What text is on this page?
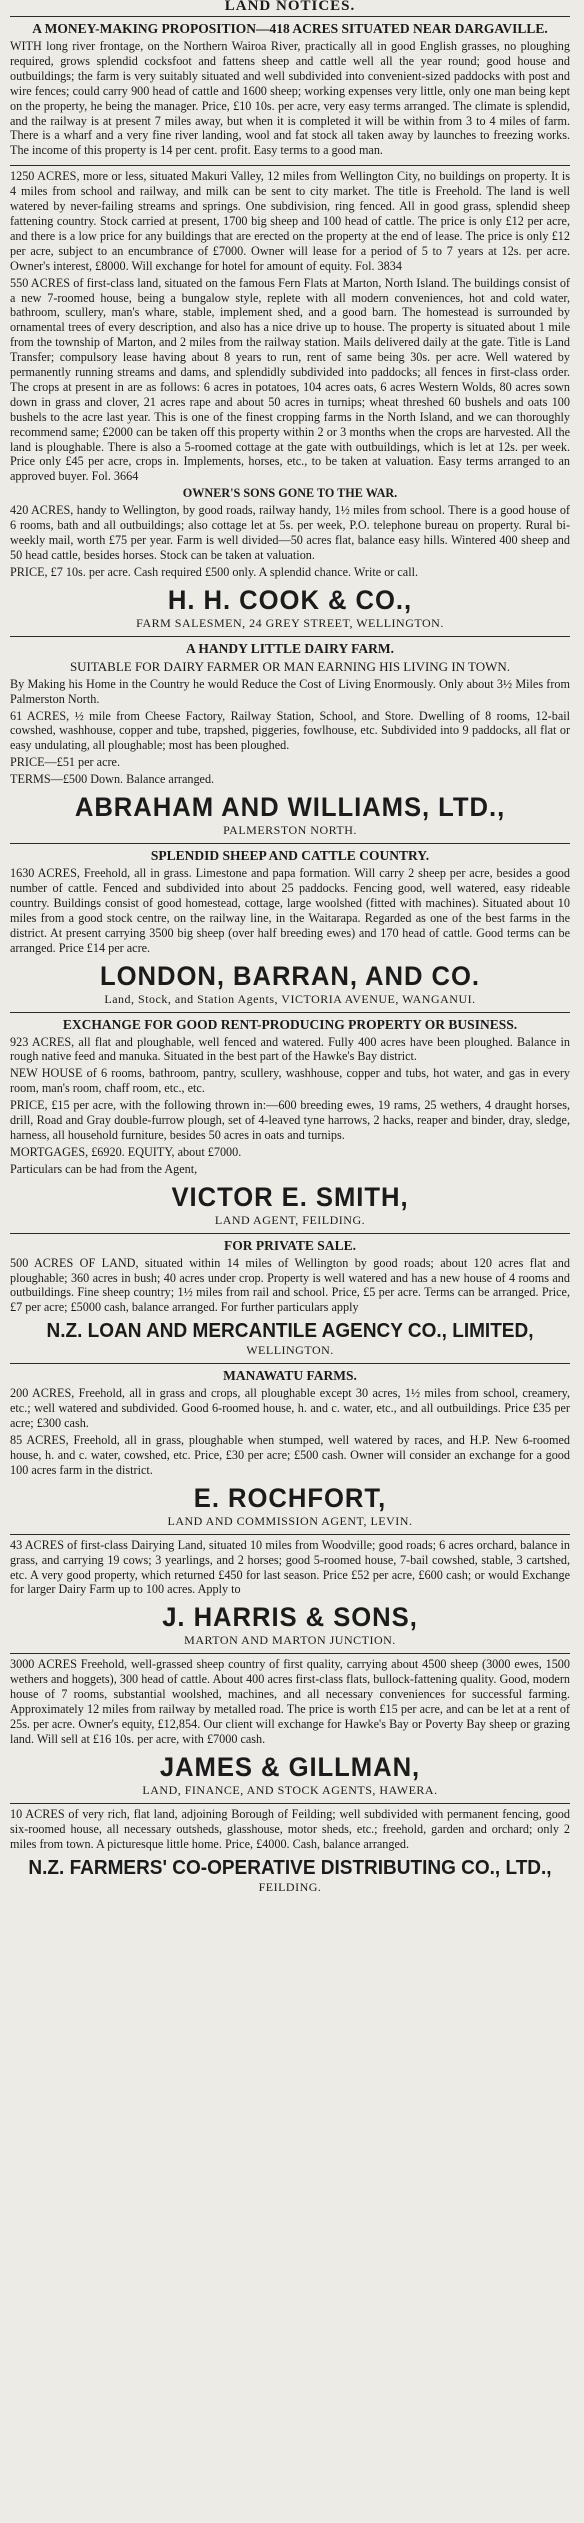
LAND NOTICES.
A MONEY-MAKING PROPOSITION—418 ACRES SITUATED NEAR DARGAVILLE.

WITH long river frontage, on the Northern Wairoa River, practically all in good English grasses, no ploughing required, grows splendid cocksfoot and fattens sheep and cattle well all the year round; good house and outbuildings; the farm is very suitably situated and well subdivided into convenient-sized paddocks with post and wire fences; could carry 900 head of cattle and 1600 sheep; working expenses very little, only one man being kept on the property, he being the manager. Price, £10 10s. per acre, very easy terms arranged. The climate is splendid, and the railway is at present 7 miles away, but when it is completed it will be within from 3 to 4 miles of farm. There is a wharf and a very fine river landing, wool and fat stock all taken away by launches to freezing works. The income of this property is 14 per cent. profit. Easy terms to a good man.

1250 ACRES, more or less, situated Makuri Valley, 12 miles from Wellington City, no buildings on property. It is 4 miles from school and railway, and milk can be sent to city market. The title is Freehold. The land is well watered by never-failing streams and springs. One subdivision, ring fenced. All in good grass, splendid sheep fattening country. Stock carried at present, 1700 big sheep and 100 head of cattle. The price is only £12 per acre, and there is a low price for any buildings that are erected on the property at the end of lease. The price is only £12 per acre, subject to an encumbrance of £7000. Owner will lease for a period of 5 to 7 years at 12s. per acre. Owner's interest, £8000. Will exchange for hotel for amount of equity. Fol. 3834

550 ACRES of first-class land, situated on the famous Fern Flats at Marton, North Island. The buildings consist of a new 7-roomed house, being a bungalow style, replete with all modern conveniences, hot and cold water, bathroom, scullery, man's whare, stable, implement shed, and a good barn. The homestead is surrounded by ornamental trees of every description, and also has a nice drive up to house. The property is situated about 1 mile from the township of Marton, and 2 miles from the railway station. Mails delivered daily at the gate. Title is Land Transfer; compulsory lease having about 8 years to run, rent of same being 30s. per acre. Well watered by permanently running streams and dams, and splendidly subdivided into paddocks; all fences in first-class order. The crops at present in are as follows: 6 acres in potatoes, 104 acres oats, 6 acres Western Wolds, 80 acres sown down in grass and clover, 21 acres rape and about 50 acres in turnips; wheat threshed 60 bushels and oats 100 bushels to the acre last year. This is one of the finest cropping farms in the North Island, and we can thoroughly recommend same; £2000 can be taken off this property within 2 or 3 months when the crops are harvested. All the land is ploughable. There is also a 5-roomed cottage at the gate with outbuildings, which is let at 12s. per week. Price only £45 per acre, crops in. Implements, horses, etc., to be taken at valuation. Easy terms arranged to an approved buyer. Fol. 3664

OWNER'S SONS GONE TO THE WAR.

420 ACRES, handy to Wellington, by good roads, railway handy, 1½ miles from school. There is a good house of 6 rooms, bath and all outbuildings; also cottage let at 5s. per week, P.O. telephone bureau on property. Rural bi-weekly mail, worth £75 per year. Farm is well divided—50 acres flat, balance easy hills. Wintered 400 sheep and 50 head cattle, besides horses. Stock can be taken at valuation.

PRICE, £7 10s. per acre. Cash required £500 only. A splendid chance. Write or call.

H. H. COOK & CO.,
FARM SALESMEN, 24 GREY STREET, WELLINGTON.
A HANDY LITTLE DAIRY FARM.
SUITABLE FOR DAIRY FARMER OR MAN EARNING HIS LIVING IN TOWN.

By Making his Home in the Country he would Reduce the Cost of Living Enormously. Only about 3½ Miles from Palmerston North.

61 ACRES, ½ mile from Cheese Factory, Railway Station, School, and Store. Dwelling of 8 rooms, 12-bail cowshed, washhouse, copper and tube, trapshed, piggeries, fowlhouse, etc. Subdivided into 9 paddocks, all flat or easy undulating, all ploughable; most has been ploughed.

PRICE—£51 per acre.

TERMS—£500 Down. Balance arranged.

ABRAHAM AND WILLIAMS, LTD.,
PALMERSTON NORTH.
SPLENDID SHEEP AND CATTLE COUNTRY.

1630 ACRES, Freehold, all in grass. Limestone and papa formation. Will carry 2 sheep per acre, besides a good number of cattle. Fenced and subdivided into about 25 paddocks. Fencing good, well watered, easy rideable country. Buildings consist of good homestead, cottage, large woolshed (fitted with machines). Situated about 10 miles from a good stock centre, on the railway line, in the Waitarapa. Regarded as one of the best farms in the district. At present carrying 3500 big sheep (over half breeding ewes) and 170 head of cattle. Good terms can be arranged. Price £14 per acre.

LONDON, BARRAN, AND CO.
Land, Stock, and Station Agents, VICTORIA AVENUE, WANGANUI.
EXCHANGE FOR GOOD RENT-PRODUCING PROPERTY OR BUSINESS.

923 ACRES, all flat and ploughable, well fenced and watered. Fully 400 acres have been ploughed. Balance in rough native feed and manuka. Situated in the best part of the Hawke's Bay district.

NEW HOUSE of 6 rooms, bathroom, pantry, scullery, washhouse, copper and tubs, hot water, and gas in every room, man's room, chaff room, etc., etc.

PRICE, £15 per acre, with the following thrown in:—600 breeding ewes, 19 rams, 25 wethers, 4 draught horses, drill, Road and Gray double-furrow plough, set of 4-leaved tyne harrows, 2 hacks, reaper and binder, dray, sledge, harness, all household furniture, besides 50 acres in oats and turnips.

MORTGAGES, £6920. EQUITY, about £7000.

Particulars can be had from the Agent,

VICTOR E. SMITH,
LAND AGENT, FEILDING.
FOR PRIVATE SALE.

500 ACRES OF LAND, situated within 14 miles of Wellington by good roads; about 120 acres flat and ploughable; 360 acres in bush; 40 acres under crop. Property is well watered and has a new house of 4 rooms and outbuildings. Fine sheep country; 1½ miles from rail and school. Price, £5 per acre. Terms can be arranged. Price, £7 per acre; £5000 cash, balance arranged. For further particulars apply

N.Z. LOAN AND MERCANTILE AGENCY CO., LIMITED,
WELLINGTON.
MANAWATU FARMS.

200 ACRES, Freehold, all in grass and crops, all ploughable except 30 acres, 1½ miles from school, creamery, etc.; well watered and subdivided. Good 6-roomed house, h. and c. water, etc., and all outbuildings. Price £35 per acre; £300 cash.

85 ACRES, Freehold, all in grass, ploughable when stumped, well watered by races, and H.P. New 6-roomed house, h. and c. water, cowshed, etc. Price, £30 per acre; £500 cash. Owner will consider an exchange for a good 100 acres farm in the district.

E. ROCHFORT,
LAND AND COMMISSION AGENT, LEVIN.

43 ACRES of first-class Dairying Land, situated 10 miles from Woodville; good roads; 6 acres orchard, balance in grass, and carrying 19 cows; 3 yearlings, and 2 horses; good 5-roomed house, 7-bail cowshed, stable, 3 cartshed, etc. A very good property, which returned £450 for last season. Price £52 per acre, £600 cash; or would Exchange for larger Dairy Farm up to 100 acres. Apply to

J. HARRIS & SONS,
MARTON AND MARTON JUNCTION.

3000 ACRES Freehold, well-grassed sheep country of first quality, carrying about 4500 sheep (3000 ewes, 1500 wethers and hoggets), 300 head of cattle. About 400 acres first-class flats, bullock-fattening quality. Good, modern house of 7 rooms, substantial woolshed, machines, and all necessary conveniences for successful farming. Approximately 12 miles from railway by metalled road. The price is worth £15 per acre, and can be let at a rent of 25s. per acre. Owner's equity, £12,854. Our client will exchange for Hawke's Bay or Poverty Bay sheep or grazing land. Will sell at £16 10s. per acre, with £7000 cash.

JAMES & GILLMAN,
LAND, FINANCE, AND STOCK AGENTS, HAWERA.

10 ACRES of very rich, flat land, adjoining Borough of Feilding; well subdivided with permanent fencing, good six-roomed house, all necessary outsheds, glasshouse, motor sheds, etc.; freehold, garden and orchard; only 2 miles from town. A picturesque little home. Price, £4000. Cash, balance arranged.

N.Z. FARMERS' CO-OPERATIVE DISTRIBUTING CO., LTD.,
FEILDING.
